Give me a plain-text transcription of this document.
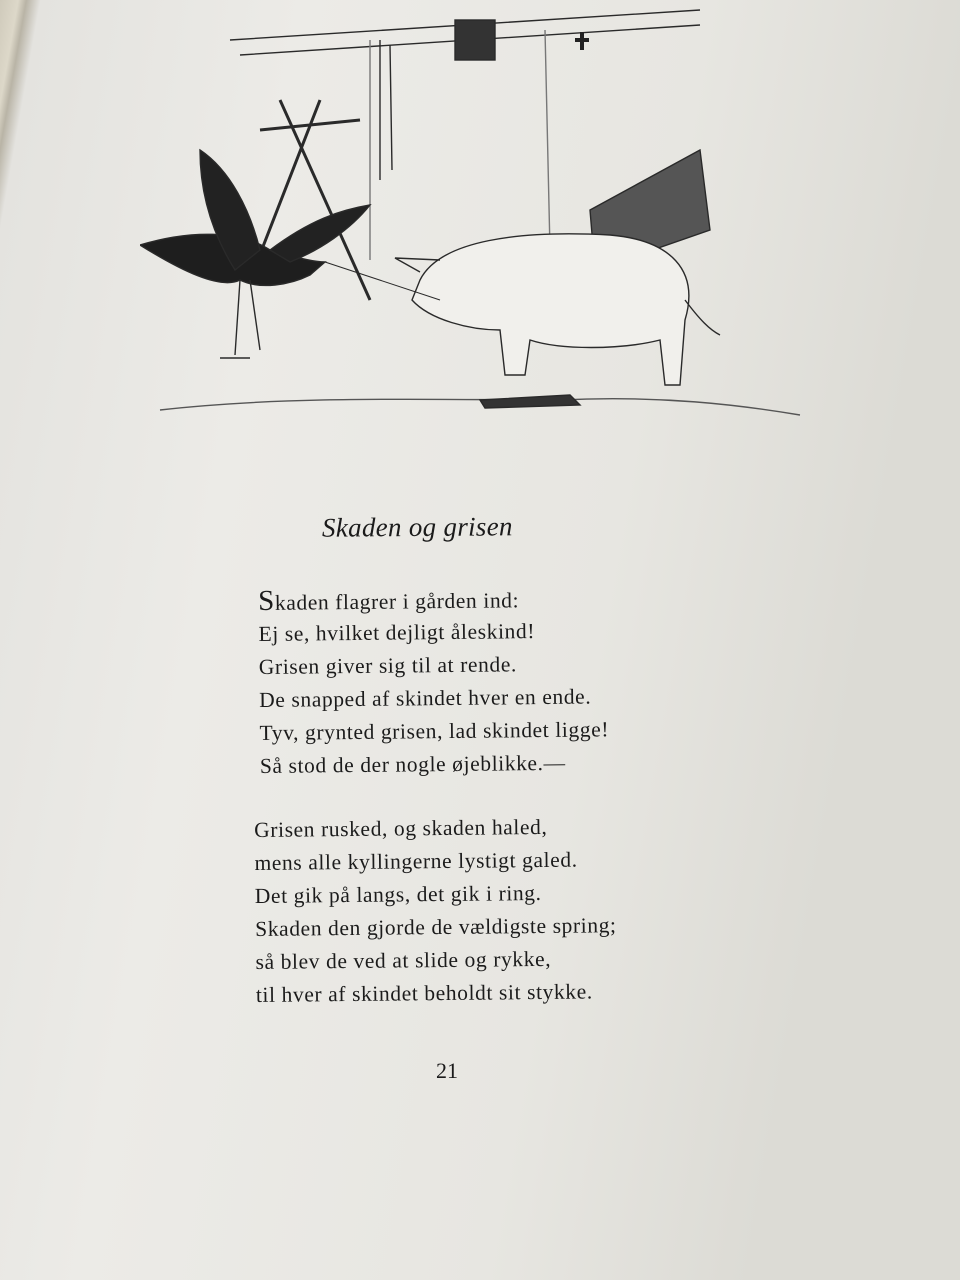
Skaden og grisen
Skaden flagrer i gården ind:
Ej se, hvilket dejligt åleskind!
Grisen giver sig til at rende.
De snapped af skindet hver en ende.
Tyv, grynted grisen, lad skindet ligge!
Så stod de der nogle øjeblikke.—
Grisen rusked, og skaden haled,
mens alle kyllingerne lystigt galed.
Det gik på langs, det gik i ring.
Skaden den gjorde de vældigste spring;
så blev de ved at slide og rykke,
til hver af skindet beholdt sit stykke.
21
